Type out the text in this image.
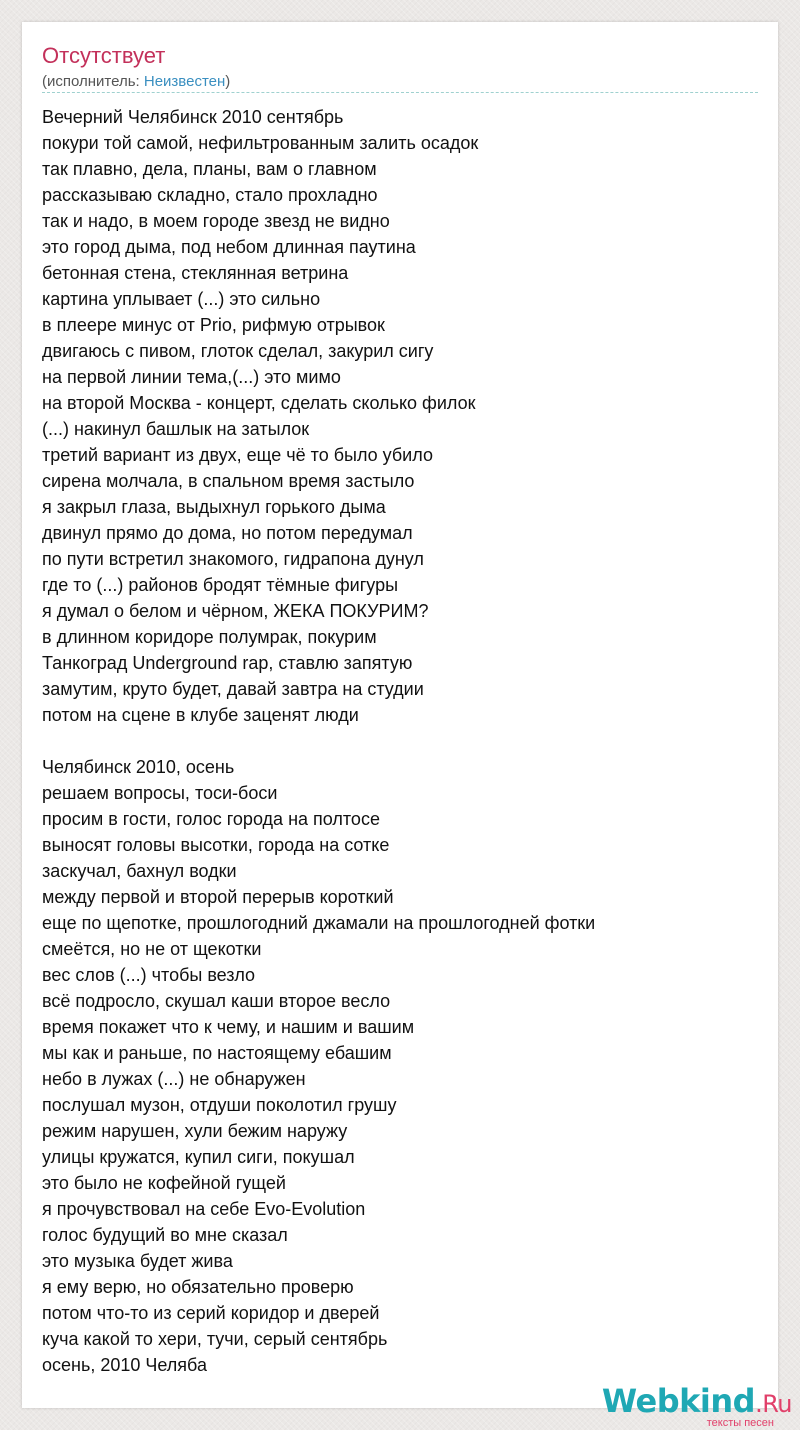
Отсутствует
(исполнитель: Неизвестен)
Вечерний Челябинск 2010 сентябрь
покури той самой, нефильтрованным залить осадок
так плавно, дела, планы, вам о главном
рассказываю складно, стало прохладно
так и надо, в моем городе звезд не видно
это город дыма, под небом длинная паутина
бетонная стена, стеклянная ветрина
картина уплывает (...) это сильно
в плеере минус от Prio, рифмую отрывок
двигаюсь с пивом, глоток сделал, закурил сигу
на первой линии тема,(...) это мимо
на второй Москва - концерт, сделать сколько филок
(...) накинул башлык на затылок
третий вариант из двух, еще чё то было убило
сирена молчала, в спальном время застыло
я закрыл глаза, выдыхнул горького дыма
двинул прямо до дома, но потом передумал
по пути встретил знакомого, гидрапона дунул
где то (...) районов бродят тёмные фигуры
я думал о белом и чёрном, ЖЕКА ПОКУРИМ?
в длинном коридоре полумрак, покурим
Танкоград Underground rap, ставлю запятую
замутим, круто будет, давай завтра на студии
потом на сцене в клубе заценят люди
Челябинск 2010, осень
решаем вопросы, тоси-боси
просим в гости, голос города на полтосе
выносят головы высотки, города на сотке
заскучал, бахнул водки
между первой и второй перерыв короткий
еще по щепотке, прошлогодний джамали на прошлогодней фотки
смеётся, но не от щекотки
вес слов (...) чтобы везло
всё подросло, скушал каши второе весло
время покажет что к чему, и нашим и вашим
мы как и раньше, по настоящему ебашим
небо в лужах (...) не обнаружен
послушал музон, отдуши поколотил грушу
режим нарушен, хули бежим наружу
улицы кружатся, купил сиги, покушал
это было не кофейной гущей
я прочувствовал на себе Evo-Evolution
голос будущий во мне сказал
это музыка будет жива
я ему верю, но обязательно проверю
потом что-то из серий коридор и дверей
куча какой то хери, тучи, серый сентябрь
осень, 2010 Челяба
Webkind.Ru
тексты песен
